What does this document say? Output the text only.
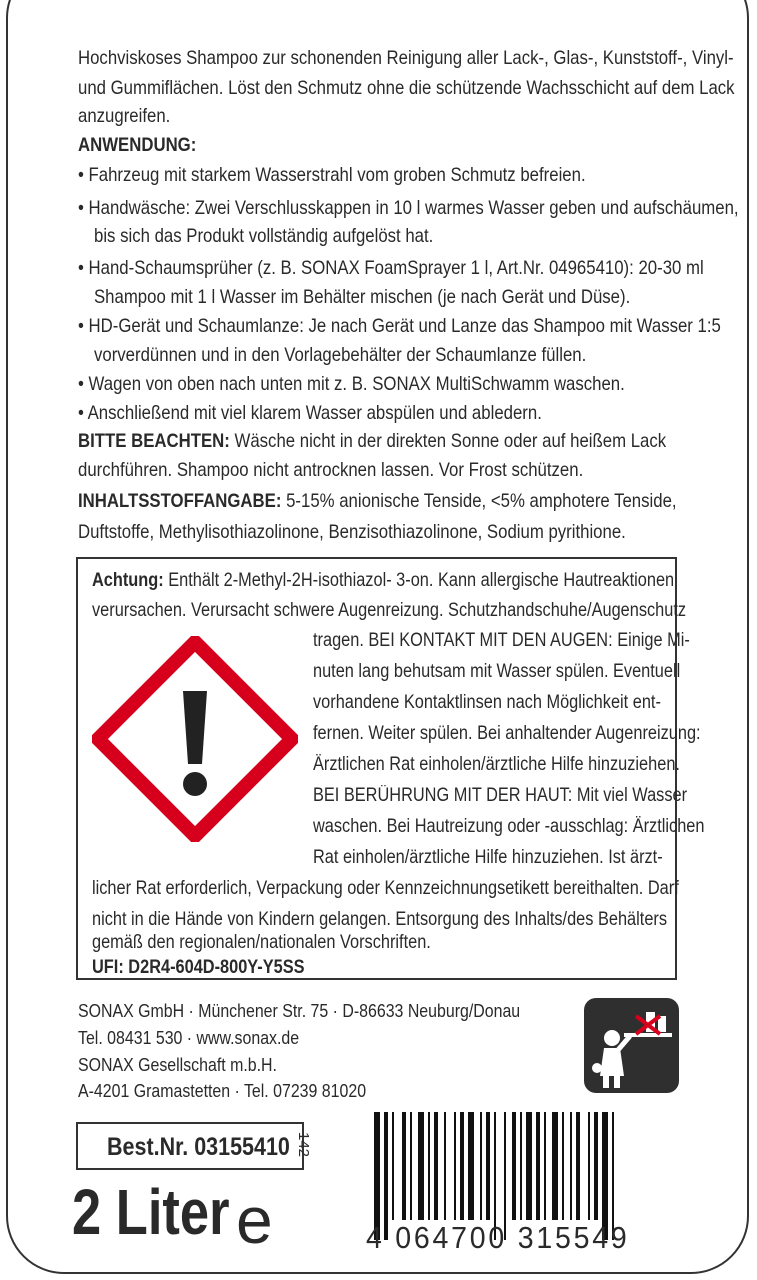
Hochviskoses Shampoo zur schonenden Reinigung aller Lack-, Glas-, Kunststoff-, Vinyl-
und Gummiflächen. Löst den Schmutz ohne die schützende Wachsschicht auf dem Lack
anzugreifen.
ANWENDUNG:
• Fahrzeug mit starkem Wasserstrahl vom groben Schmutz befreien.
• Handwäsche: Zwei Verschlusskappen in 10 l warmes Wasser geben und aufschäumen,
bis sich das Produkt vollständig aufgelöst hat.
• Hand-Schaumsprüher (z. B. SONAX FoamSprayer 1 l, Art.Nr. 04965410): 20-30 ml
Shampoo mit 1 l Wasser im Behälter mischen (je nach Gerät und Düse).
• HD-Gerät und Schaumlanze: Je nach Gerät und Lanze das Shampoo mit Wasser 1:5
vorverdünnen und in den Vorlagebehälter der Schaumlanze füllen.
• Wagen von oben nach unten mit z. B. SONAX MultiSchwamm waschen.
• Anschließend mit viel klarem Wasser abspülen und abledern.
BITTE BEACHTEN: Wäsche nicht in der direkten Sonne oder auf heißem Lack
durchführen. Shampoo nicht antrocknen lassen. Vor Frost schützen.
INHALTSSTOFFANGABE: 5-15% anionische Tenside, <5% amphotere Tenside,
Duftstoffe, Methylisothiazolinone, Benzisothiazolinone, Sodium pyrithione.
Achtung: Enthält 2-Methyl-2H-isothiazol- 3-on. Kann allergische Hautreaktionen
verursachen. Verursacht schwere Augenreizung. Schutzhandschuhe/Augenschutz
tragen. BEI KONTAKT MIT DEN AUGEN: Einige Mi-
nuten lang behutsam mit Wasser spülen. Eventuell
vorhandene Kontaktlinsen nach Möglichkeit ent-
fernen. Weiter spülen. Bei anhaltender Augenreizung:
Ärztlichen Rat einholen/ärztliche Hilfe hinzuziehen.
BEI BERÜHRUNG MIT DER HAUT: Mit viel Wasser
waschen. Bei Hautreizung oder -ausschlag: Ärztlichen
Rat einholen/ärztliche Hilfe hinzuziehen. Ist ärzt-
licher Rat erforderlich, Verpackung oder Kennzeichnungsetikett bereithalten. Darf
nicht in die Hände von Kindern gelangen. Entsorgung des Inhalts/des Behälters
gemäß den regionalen/nationalen Vorschriften.
UFI: D2R4-604D-800Y-Y5SS
SONAX GmbH · Münchener Str. 75 · D-86633 Neuburg/Donau
Tel. 08431 530 · www.sonax.de
SONAX Gesellschaft m.b.H.
A-4201 Gramastetten · Tel. 07239 81020
Best.Nr. 03155410 142
2 Liter e	4 064700 315549
